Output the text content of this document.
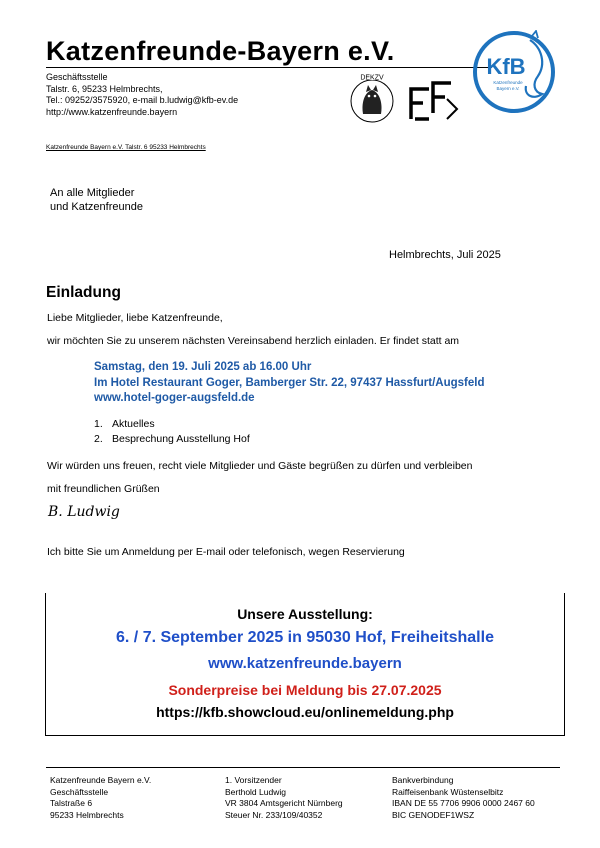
Katzenfreunde-Bayern e.V.
Geschäftsstelle
Talstr. 6, 95233 Helmbrechts,
Tel.: 09252/3575920, e-mail b.ludwig@kfb-ev.de
http://www.katzenfreunde.bayern
Katzenfreunde Bayern e.V. Talstr. 6 95233 Helmbrechts
DEKZV	FIFe
KfB
Katzenfreunde
Bayern e.V.
An alle Mitglieder
und Katzenfreunde
Helmbrechts, Juli 2025
Einladung
Liebe Mitglieder, liebe Katzenfreunde,
wir möchten Sie zu unserem nächsten Vereinsabend herzlich einladen. Er findet statt am
Samstag, den 19. Juli 2025 ab 16.00 Uhr
Im Hotel Restaurant Goger, Bamberger Str. 22, 97437 Hassfurt/Augsfeld
www.hotel-goger-augsfeld.de
1. Aktuelles
2. Besprechung Ausstellung Hof
Wir würden uns freuen, recht viele Mitglieder und Gäste begrüßen zu dürfen und verbleiben
mit freundlichen Grüßen
B. Ludwig
Ich bitte Sie um Anmeldung per E-mail oder telefonisch, wegen Reservierung
Unsere Ausstellung:
6. / 7. September 2025 in 95030 Hof, Freiheitshalle
www.katzenfreunde.bayern
Sonderpreise bei Meldung bis 27.07.2025
https://kfb.showcloud.eu/onlinemeldung.php
Katzenfreunde Bayern e.V.
Geschäftsstelle
Talstraße 6
95233 Helmbrechts
1. Vorsitzender
Berthold Ludwig
VR 3804 Amtsgericht Nürnberg
Steuer Nr. 233/109/40352
Bankverbindung
Raiffeisenbank Wüstenselbitz
IBAN DE 55 7706 9906 0000 2467 60
BIC GENODEF1WSZ
